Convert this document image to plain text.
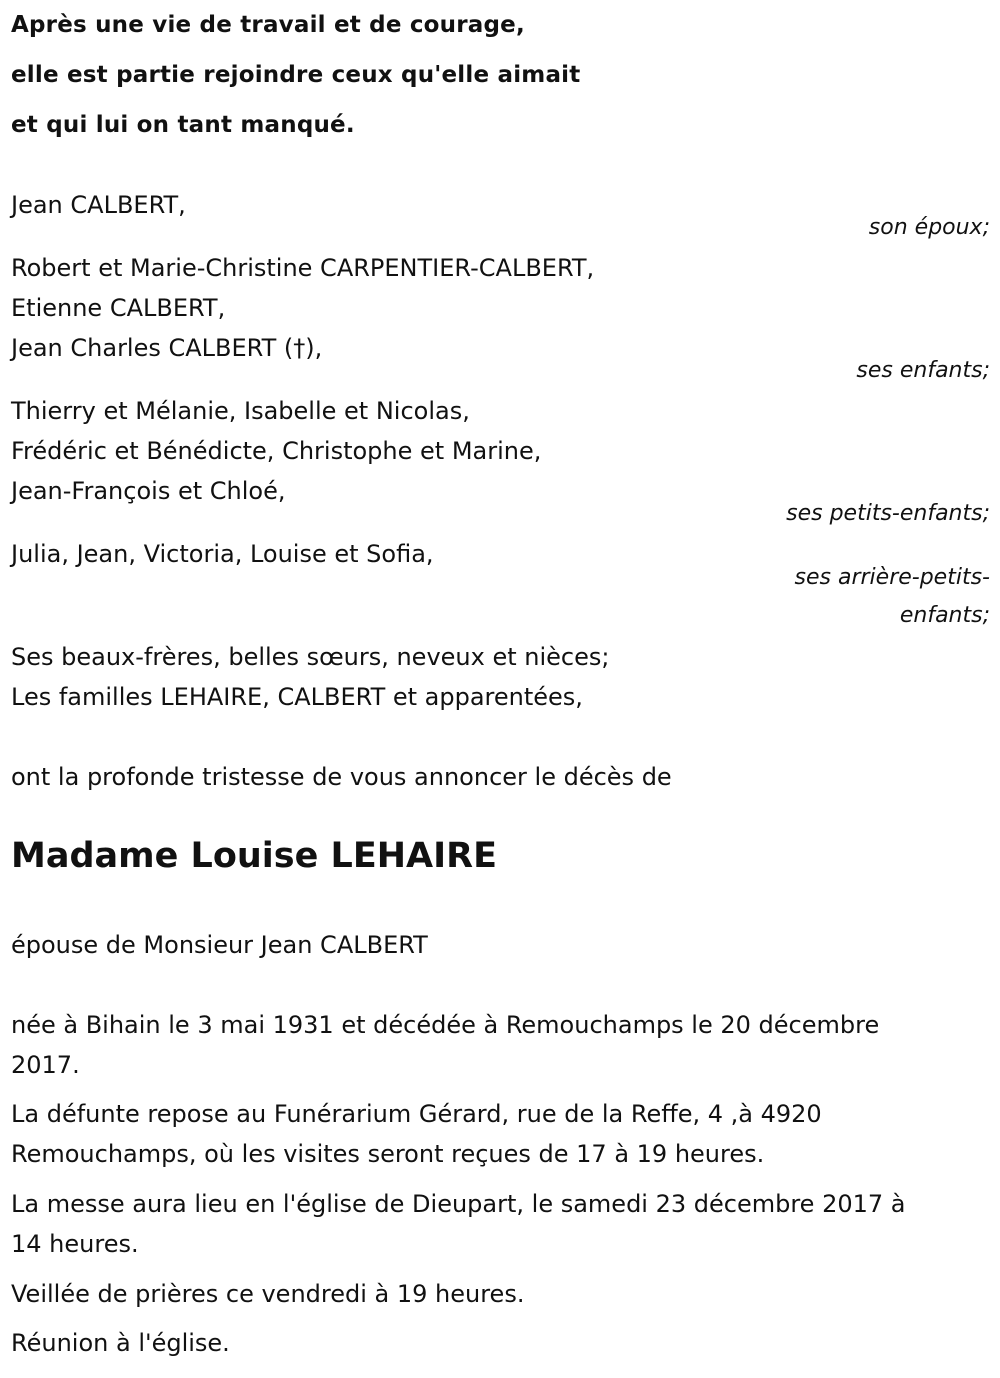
Après une vie de travail et de courage,
elle est partie rejoindre ceux qu'elle aimait
et qui lui on tant manqué.
Jean CALBERT,
son époux;
Robert et Marie-Christine CARPENTIER-CALBERT,
Etienne CALBERT,
Jean Charles CALBERT (†),
ses enfants;
Thierry et Mélanie, Isabelle et Nicolas,
Frédéric et Bénédicte, Christophe et Marine,
Jean-François et Chloé,
ses petits-enfants;
Julia, Jean, Victoria, Louise et Sofia,
ses arrière-petits-
enfants;
Ses beaux-frères, belles sœurs, neveux et nièces;
Les familles LEHAIRE, CALBERT et apparentées,
ont la profonde tristesse de vous annoncer le décès de
Madame Louise LEHAIRE
épouse de Monsieur Jean CALBERT
née à Bihain le 3 mai 1931 et décédée à Remouchamps le 20 décembre
2017.
La défunte repose au Funérarium Gérard, rue de la Reffe, 4 ,à 4920
Remouchamps, où les visites seront reçues de 17 à 19 heures.
La messe aura lieu en l'église de Dieupart, le samedi 23 décembre 2017 à
14 heures.
Veillée de prières ce vendredi à 19 heures.
Réunion à l'église.
